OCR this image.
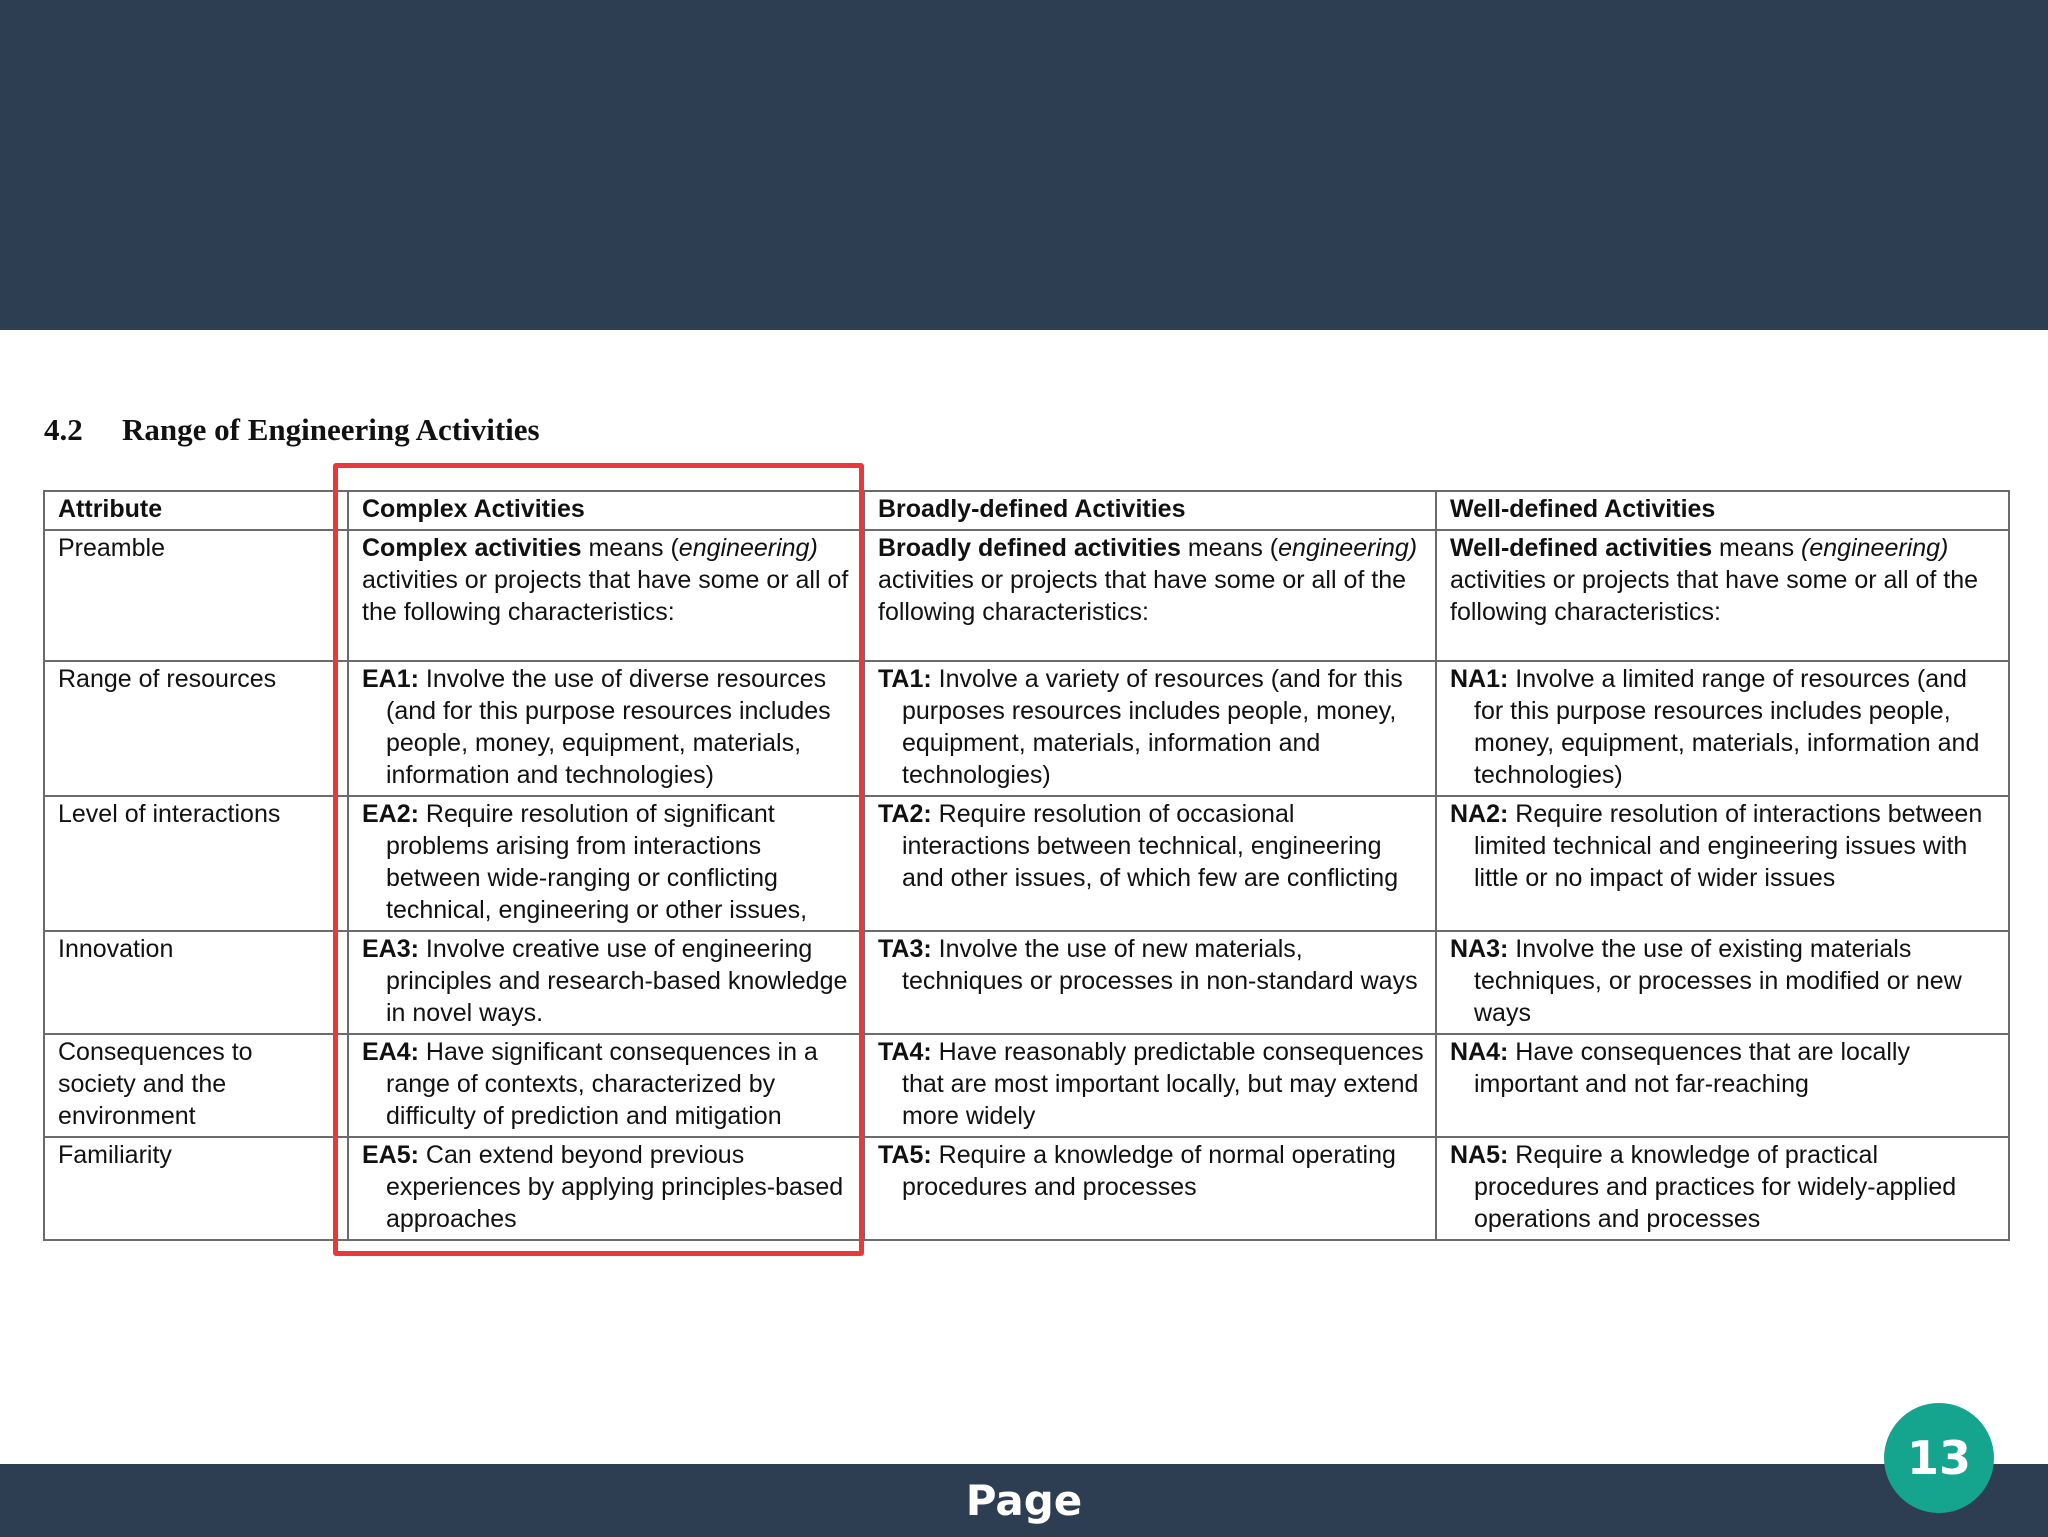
4.2 Range of Engineering Activities
Attribute	Complex Activities	Broadly-defined Activities	Well-defined Activities
Preamble	Complex activities means (engineering) activities or projects that have some or all of the following characteristics:	Broadly defined activities means (engineering) activities or projects that have some or all of the following characteristics:	Well-defined activities means (engineering) activities or projects that have some or all of the following characteristics:
Range of resources	EA1: Involve the use of diverse resources (and for this purpose resources includes people, money, equipment, materials, information and technologies)	TA1: Involve a variety of resources (and for this purposes resources includes people, money, equipment, materials, information and technologies)	NA1: Involve a limited range of resources (and for this purpose resources includes people, money, equipment, materials, information and technologies)

Level of interactions	EA2: Require resolution of significant problems arising from interactions between wide-ranging or conflicting technical, engineering or other issues,	TA2: Require resolution of occasional interactions between technical, engineering and other issues, of which few are conflicting	NA2: Require resolution of interactions between limited technical and engineering issues with little or no impact of wider issues

Innovation	EA3: Involve creative use of engineering principles and research-based knowledge in novel ways.	TA3: Involve the use of new materials, techniques or processes in non-standard ways	NA3: Involve the use of existing materials techniques, or processes in modified or new ways

Consequences to society and the environment	EA4: Have significant consequences in a range of contexts, characterized by difficulty of prediction and mitigation	TA4: Have reasonably predictable consequences that are most important locally, but may extend more widely	NA4: Have consequences that are locally important and not far-reaching

Familiarity	EA5: Can extend beyond previous experiences by applying principles-based approaches	TA5: Require a knowledge of normal operating procedures and processes	NA5: Require a knowledge of practical procedures and practices for widely-applied operations and processes
Page
13
